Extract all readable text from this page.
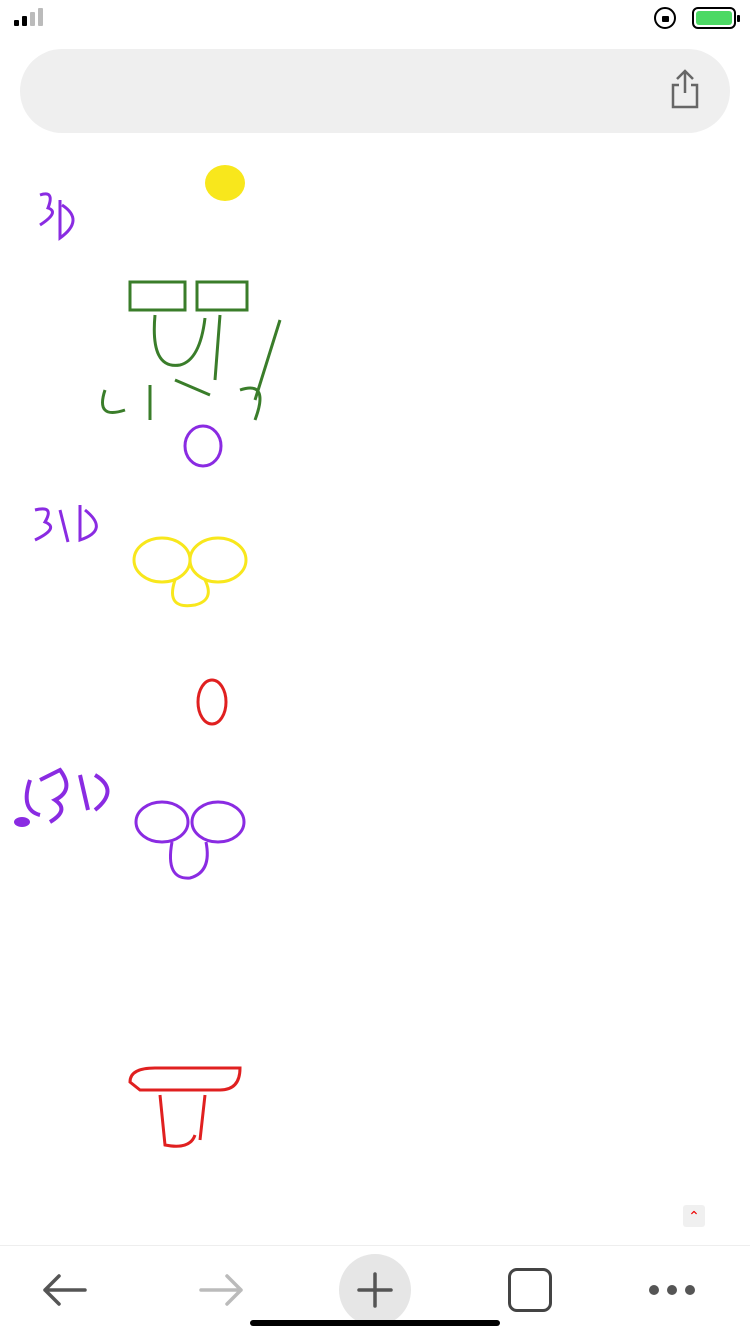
⌃
